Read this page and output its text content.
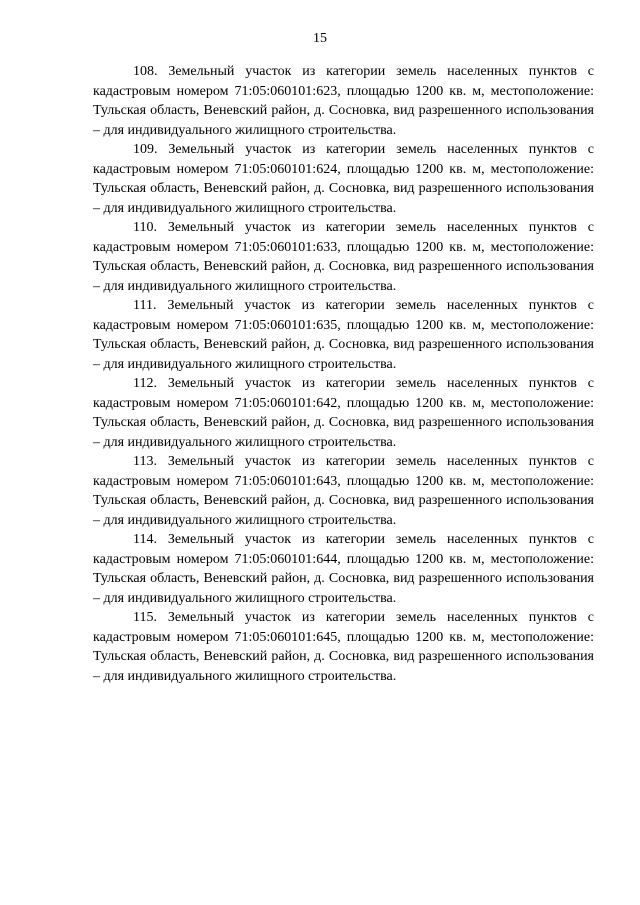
15

108. Земельный участок из категории земель населенных пунктов с кадастровым номером 71:05:060101:623, площадью 1200 кв. м, местоположение: Тульская область, Веневский район, д. Сосновка, вид разрешенного использования – для индивидуального жилищного строительства.

109. Земельный участок из категории земель населенных пунктов с кадастровым номером 71:05:060101:624, площадью 1200 кв. м, местоположение: Тульская область, Веневский район, д. Сосновка, вид разрешенного использования – для индивидуального жилищного строительства.

110. Земельный участок из категории земель населенных пунктов с кадастровым номером 71:05:060101:633, площадью 1200 кв. м, местоположение: Тульская область, Веневский район, д. Сосновка, вид разрешенного использования – для индивидуального жилищного строительства.

111. Земельный участок из категории земель населенных пунктов с кадастровым номером 71:05:060101:635, площадью 1200 кв. м, местоположение: Тульская область, Веневский район, д. Сосновка, вид разрешенного использования – для индивидуального жилищного строительства.

112. Земельный участок из категории земель населенных пунктов с кадастровым номером 71:05:060101:642, площадью 1200 кв. м, местоположение: Тульская область, Веневский район, д. Сосновка, вид разрешенного использования – для индивидуального жилищного строительства.

113. Земельный участок из категории земель населенных пунктов с кадастровым номером 71:05:060101:643, площадью 1200 кв. м, местоположение: Тульская область, Веневский район, д. Сосновка, вид разрешенного использования – для индивидуального жилищного строительства.

114. Земельный участок из категории земель населенных пунктов с кадастровым номером 71:05:060101:644, площадью 1200 кв. м, местоположение: Тульская область, Веневский район, д. Сосновка, вид разрешенного использования – для индивидуального жилищного строительства.

115. Земельный участок из категории земель населенных пунктов с кадастровым номером 71:05:060101:645, площадью 1200 кв. м, местоположение: Тульская область, Веневский район, д. Сосновка, вид разрешенного использования – для индивидуального жилищного строительства.
